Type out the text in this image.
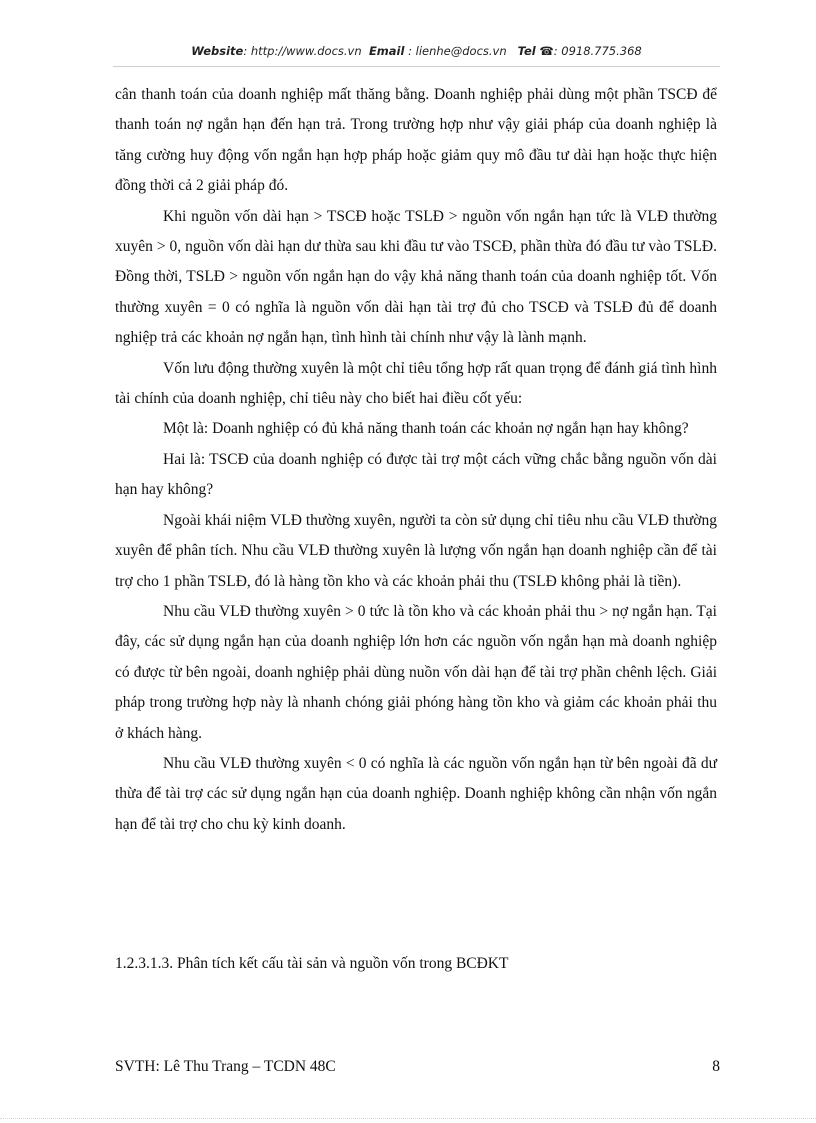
Website: http://www.docs.vn Email : lienhe@docs.vn Tel ☎: 0918.775.368

cân thanh toán của doanh nghiệp mất thăng bằng. Doanh nghiệp phải dùng một phần TSCĐ để thanh toán nợ ngắn hạn đến hạn trả. Trong trường hợp như vậy giải pháp của doanh nghiệp là tăng cường huy động vốn ngắn hạn hợp pháp hoặc giảm quy mô đầu tư dài hạn hoặc thực hiện đồng thời cả 2 giải pháp đó.

Khi nguồn vốn dài hạn > TSCĐ hoặc TSLĐ > nguồn vốn ngắn hạn tức là VLĐ thường xuyên > 0, nguồn vốn dài hạn dư thừa sau khi đầu tư vào TSCĐ, phần thừa đó đầu tư vào TSLĐ. Đồng thời, TSLĐ > nguồn vốn ngắn hạn do vậy khả năng thanh toán của doanh nghiệp tốt. Vốn thường xuyên = 0 có nghĩa là nguồn vốn dài hạn tài trợ đủ cho TSCĐ và TSLĐ đủ để doanh nghiệp trả các khoản nợ ngắn hạn, tình hình tài chính như vậy là lành mạnh.

Vốn lưu động thường xuyên là một chỉ tiêu tổng hợp rất quan trọng để đánh giá tình hình tài chính của doanh nghiệp, chỉ tiêu này cho biết hai điều cốt yếu:

Một là: Doanh nghiệp có đủ khả năng thanh toán các khoản nợ ngắn hạn hay không?

Hai là: TSCĐ của doanh nghiệp có được tài trợ một cách vững chắc bằng nguồn vốn dài hạn hay không?

Ngoài khái niệm VLĐ thường xuyên, người ta còn sử dụng chỉ tiêu nhu cầu VLĐ thường xuyên để phân tích. Nhu cầu VLĐ thường xuyên là lượng vốn ngắn hạn doanh nghiệp cần để tài trợ cho 1 phần TSLĐ, đó là hàng tồn kho và các khoản phải thu (TSLĐ không phải là tiền).

Nhu cầu VLĐ thường xuyên > 0 tức là tồn kho và các khoản phải thu > nợ ngắn hạn. Tại đây, các sử dụng ngắn hạn của doanh nghiệp lớn hơn các nguồn vốn ngắn hạn mà doanh nghiệp có được từ bên ngoài, doanh nghiệp phải dùng nuồn vốn dài hạn để tài trợ phần chênh lệch. Giải pháp trong trường hợp này là nhanh chóng giải phóng hàng tồn kho và giảm các khoản phải thu ở khách hàng.

Nhu cầu VLĐ thường xuyên < 0 có nghĩa là các nguồn vốn ngắn hạn từ bên ngoài đã dư thừa để tài trợ các sử dụng ngắn hạn của doanh nghiệp. Doanh nghiệp không cần nhận vốn ngắn hạn để tài trợ cho chu kỳ kinh doanh.

1.2.3.1.3. Phân tích kết cấu tài sản và nguồn vốn trong BCĐKT
SVTH: Lê Thu Trang – TCDN 48C	8
